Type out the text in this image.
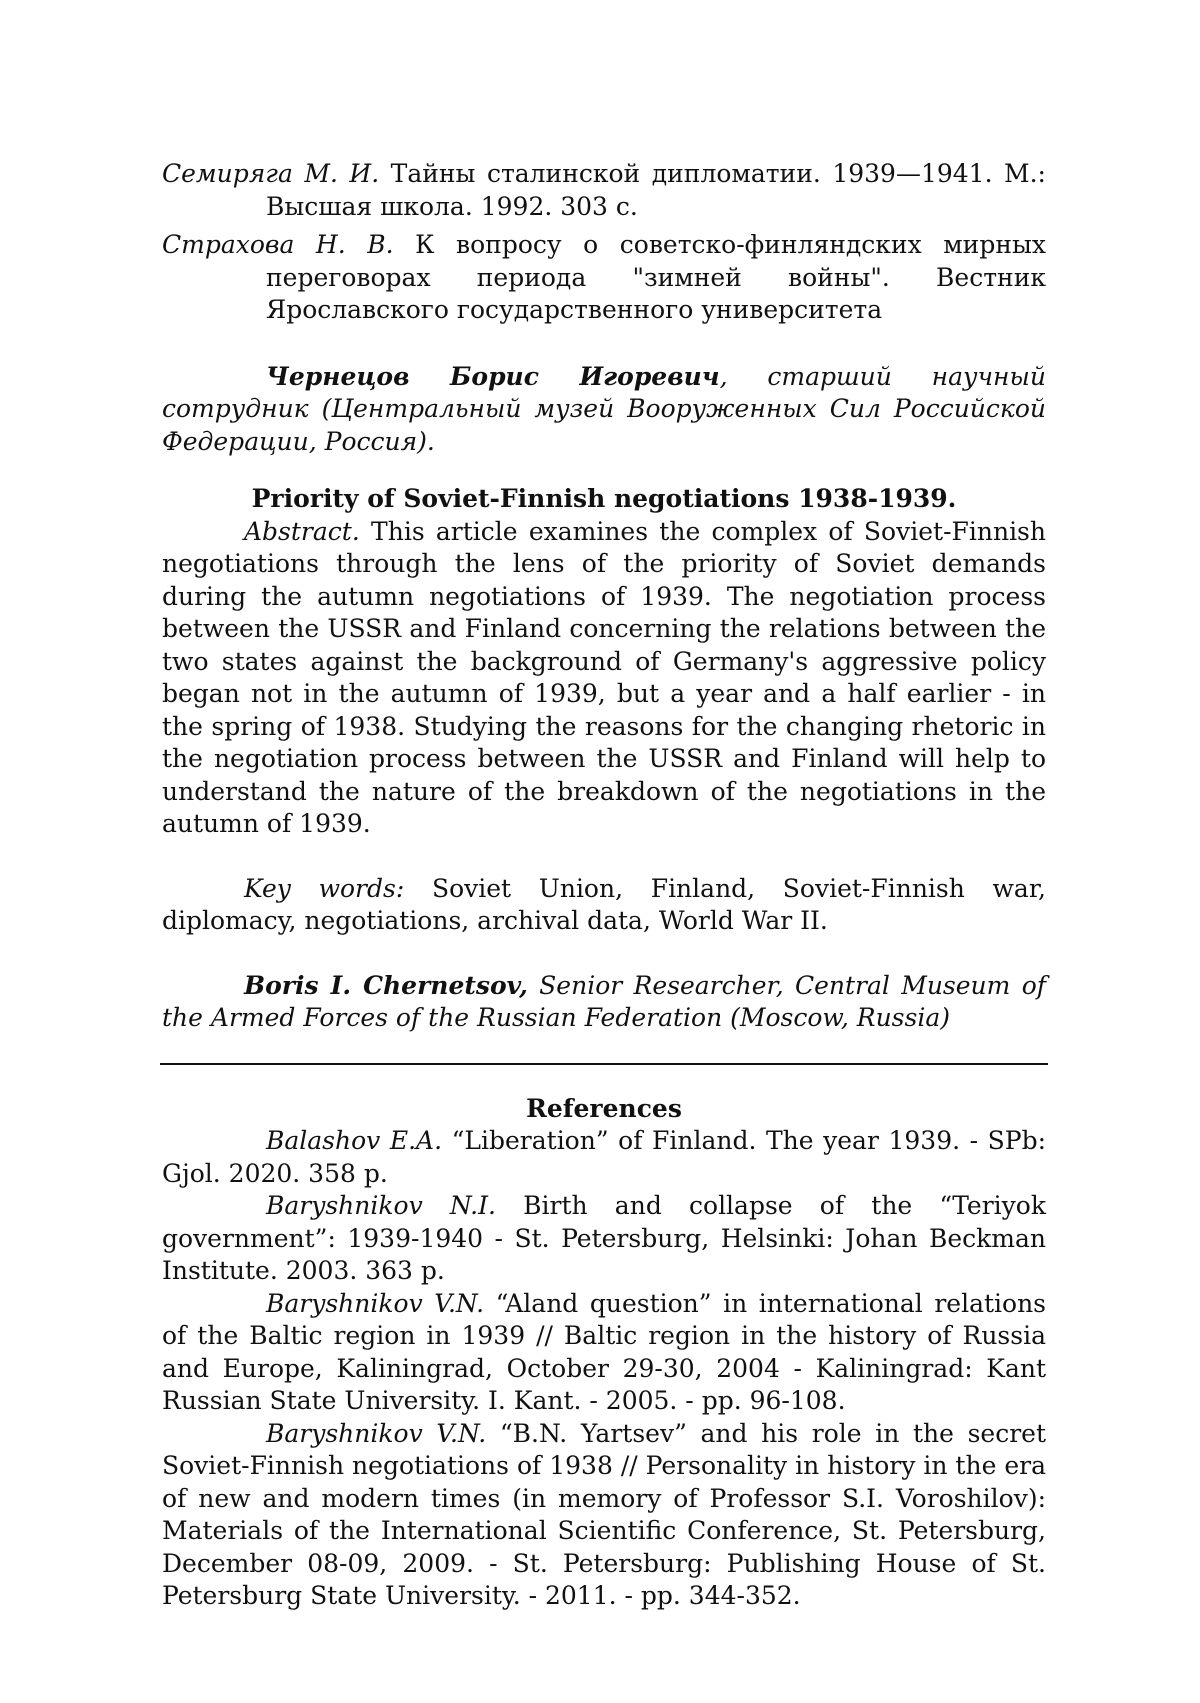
Семиряга М. И. Тайны сталинской дипломатии. 1939—1941. М.: Высшая школа. 1992. 303 с.

Страхова Н. В. К вопросу о советско-финляндских мирных переговорах периода "зимней войны". Вестник Ярославского государственного университета

Чернецов Борис Игоревич, старший научный сотрудник (Центральный музей Вооруженных Сил Российской Федерации, Россия).

Priority of Soviet-Finnish negotiations 1938-1939.

Abstract. This article examines the complex of Soviet-Finnish negotiations through the lens of the priority of Soviet demands during the autumn negotiations of 1939. The negotiation process between the USSR and Finland concerning the relations between the two states against the background of Germany's aggressive policy began not in the autumn of 1939, but a year and a half earlier - in the spring of 1938. Studying the reasons for the changing rhetoric in the negotiation process between the USSR and Finland will help to understand the nature of the breakdown of the negotiations in the autumn of 1939.

Key words: Soviet Union, Finland, Soviet-Finnish war, diplomacy, negotiations, archival data, World War II.

Boris I. Chernetsov, Senior Researcher, Central Museum of the Armed Forces of the Russian Federation (Moscow, Russia)

References

Balashov E.A. “Liberation” of Finland. The year 1939. - SPb: Gjol. 2020. 358 p.

Baryshnikov N.I. Birth and collapse of the “Teriyok government”: 1939-1940 - St. Petersburg, Helsinki: Johan Beckman Institute. 2003. 363 p.

Baryshnikov V.N. “Aland question” in international relations of the Baltic region in 1939 // Baltic region in the history of Russia and Europe, Kaliningrad, October 29-30, 2004 - Kaliningrad: Kant Russian State University. I. Kant. - 2005. - pp. 96-108.

Baryshnikov V.N. “B.N. Yartsev” and his role in the secret Soviet-Finnish negotiations of 1938 // Personality in history in the era of new and modern times (in memory of Professor S.I. Voroshilov): Materials of the International Scientific Conference, St. Petersburg, December 08-09, 2009. - St. Petersburg: Publishing House of St. Petersburg State University. - 2011. - pp. 344-352.
